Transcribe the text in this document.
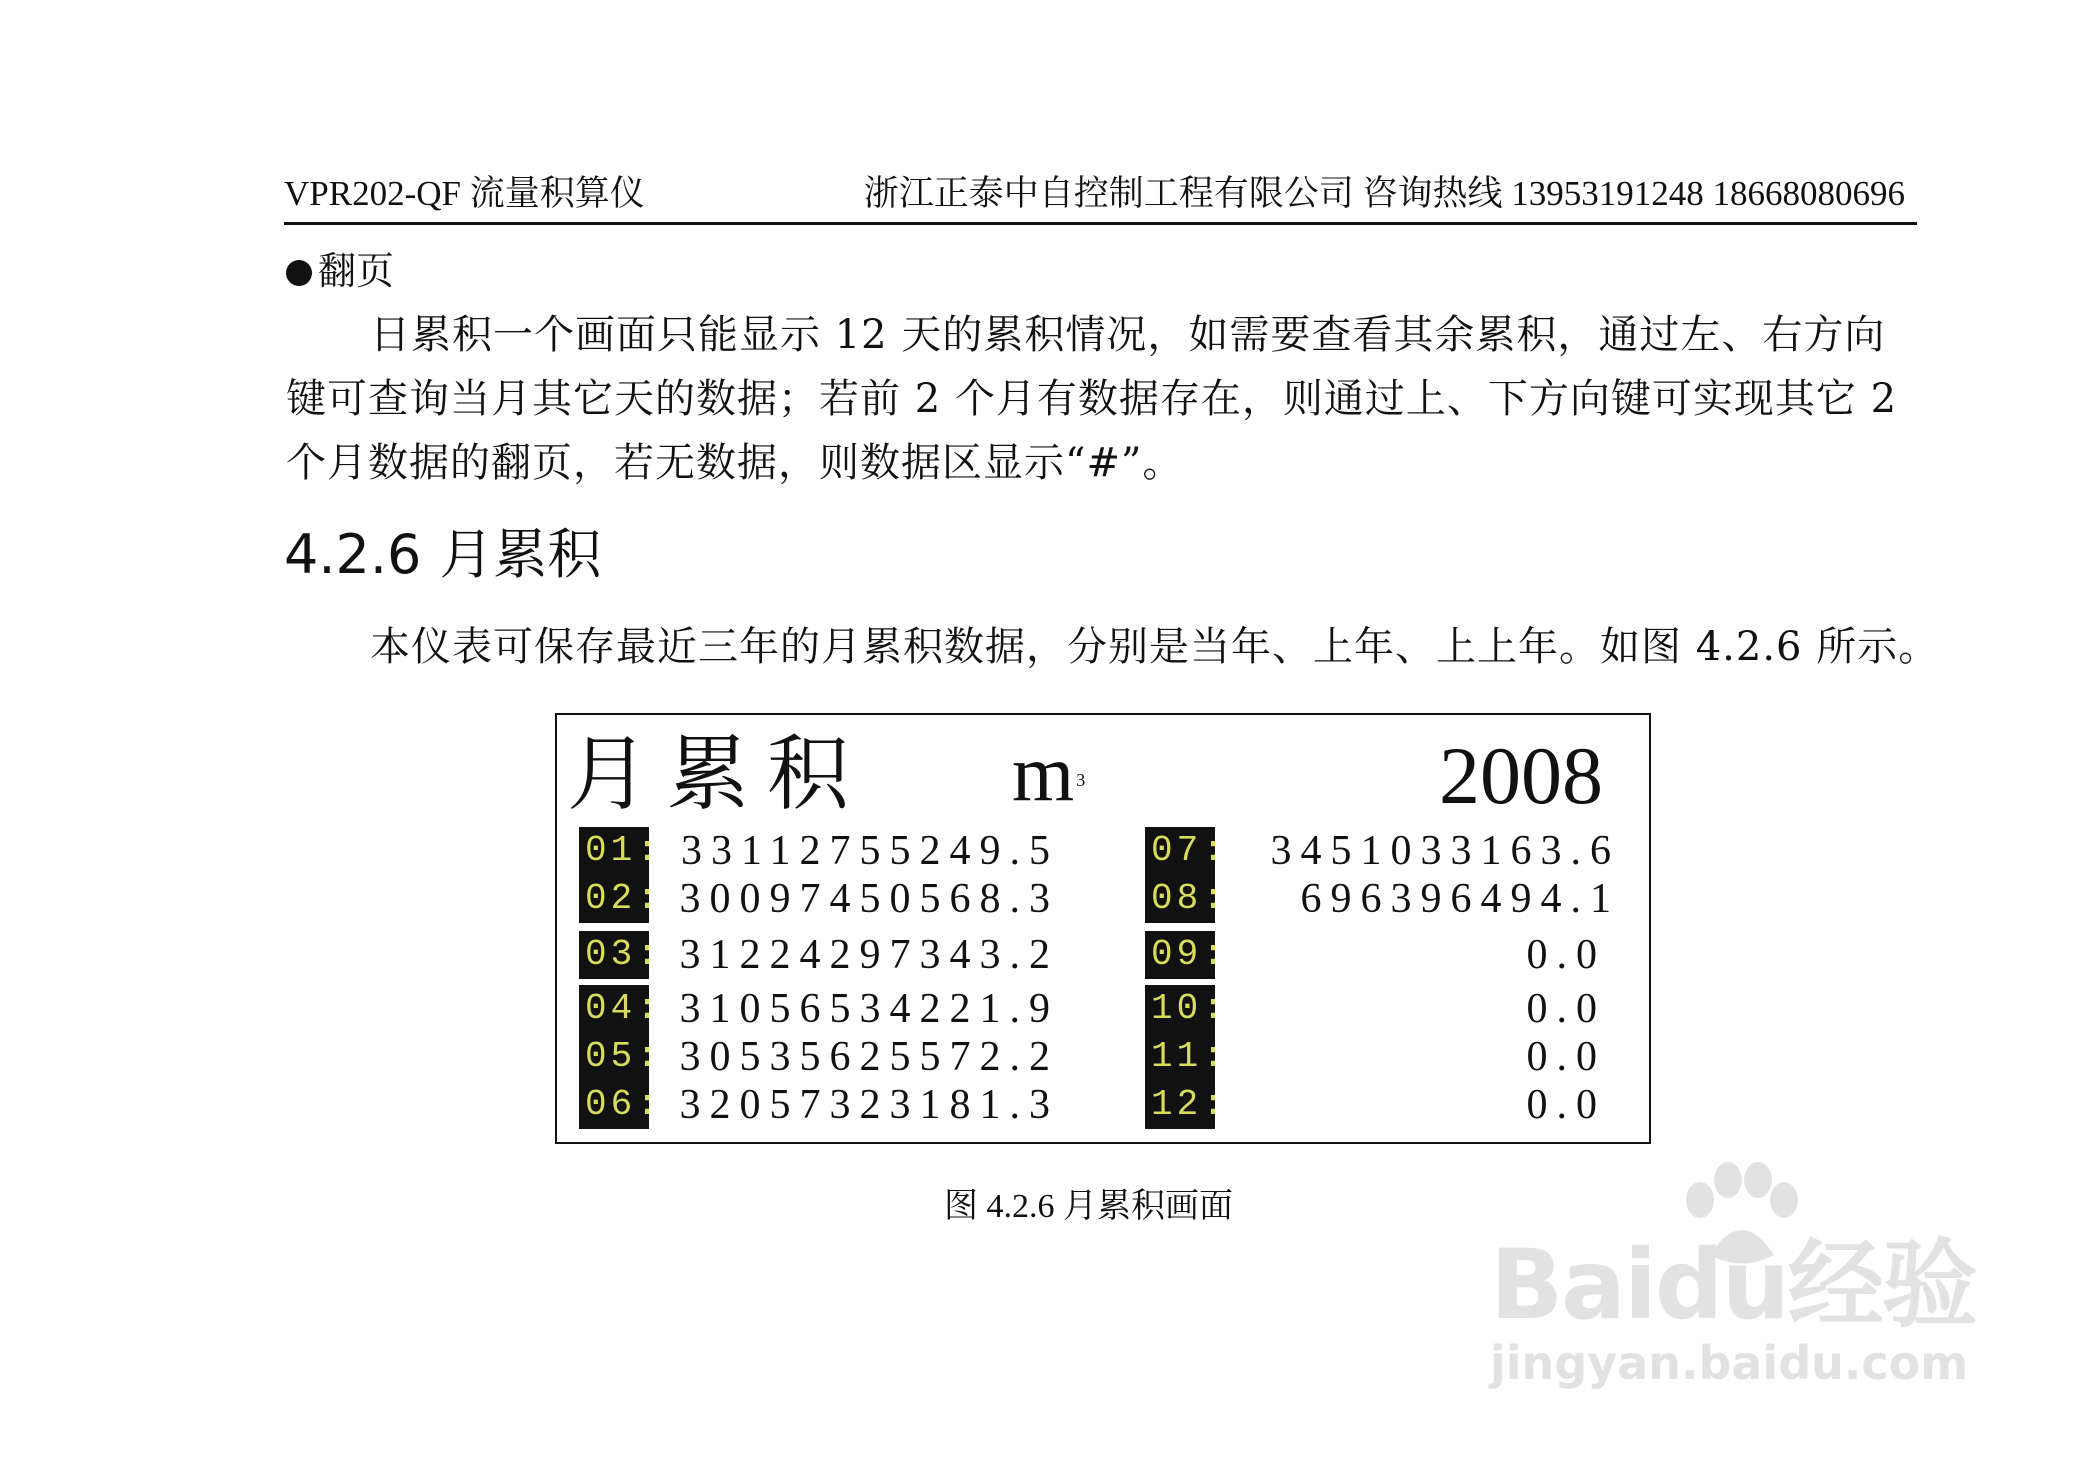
VPR202-QF 流量积算仪	浙江正泰中自控制工程有限公司 咨询热线 13953191248 18668080696
翻页

日累积一个画面只能显示 12 天的累积情况，如需要查看其余累积，通过左、右方向键可查询当月其它天的数据；若前 2 个月有数据存在，则通过上、下方向键可实现其它 2 个月数据的翻页，若无数据，则数据区显示“#”。

4.2.6 月累积
本仪表可保存最近三年的月累积数据，分别是当年、上年、上上年。如图 4.2.6 所示。
月累积 m $^3$	2008
01: 33112755249.5
02: 30097450568.3
03: 31224297343.2
04: 31056534221.9
05: 30535625572.2
06: 32057323181.3
07: 3451033163.6
08: 696396494.1
09:	0.0
10:	0.0
11:	0.0
12:	0.0
图 4.2.6 月累积画面
Baidu经验
jingyan.baidu.com
